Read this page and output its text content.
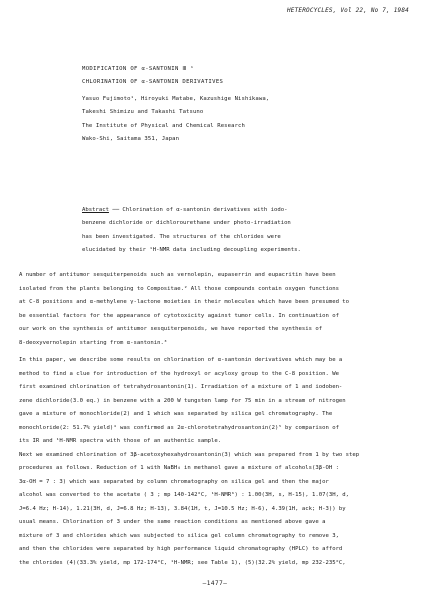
HETEROCYCLES, Vol 22, No 7, 1984
MODIFICATION OF α-SANTONIN Ⅲ ¹
CHLORINATION OF α-SANTONIN DERIVATIVES
Yasuo Fujimoto¹, Hiroyuki Matabe, Kazushige Nishikawa,
Takeshi Shimizu and Takashi Tatsuno
The Institute of Physical and Chemical Research
Wako-Shi, Saitama 351, Japan
Abstract ── Chlorination of α-santonin derivatives with iodo-
benzene dichloride or dichlorourethane under photo-irradiation
has been investigated. The structures of the chlorides were
elucidated by their ¹H-NMR data including decoupling experiments.
A number of antitumor sesquiterpenoids such as vernolepin, eupaserrin and eupacritin have been
isolated from the plants belonging to Compositae.² All those compounds contain oxygen functions
at C-8 positions and α-methylene γ-lactone moieties in their molecules which have been presumed to
be essential factors for the appearance of cytotoxicity against tumor cells. In continuation of
our work on the synthesis of antitumor sesquiterpenoids, we have reported the synthesis of
8-deoxyvernolepin starting from α-santonin.³
In this paper, we describe some results on chlorination of α-santonin derivatives which may be a
method to find a clue for introduction of the hydroxyl or acyloxy group to the C-8 position. We
first examined chlorination of tetrahydrosantonin(1). Irradiation of a mixture of 1 and iodoben-
zene dichloride(3.0 eq.) in benzene with a 200 W tungsten lamp for 75 min in a stream of nitrogen
gave a mixture of monochloride(2) and 1 which was separated by silica gel chromatography. The
monochloride(2: 51.7% yield)⁴ was confirmed as 2α-chlorotetrahydrosantonin(2)⁵ by comparison of
its IR and ¹H-NMR spectra with those of an authentic sample.
Next we examined chlorination of 3β-acetoxyhexahydrosantonin(3) which was prepared from 1 by two step
procedures as follows. Reduction of 1 with NaBH₄ in methanol gave a mixture of alcohols(3β-OH :
3α-OH = 7 : 3) which was separated by column chromatography on silica gel and then the major
alcohol was converted to the acetate ( 3 ; mp 140-142°C, ¹H-NMR⁶) : 1.00(3H, s, H-15), 1.07(3H, d,
J=6.4 Hz; H-14), 1.21(3H, d, J=6.8 Hz; H-13), 3.84(1H, t, J=10.5 Hz; H-6), 4.39(1H, ack; H-3)) by
usual means. Chlorination of 3 under the same reaction conditions as mentioned above gave a
mixture of 3 and chlorides which was subjected to silica gel column chromatography to remove 3,
and then the chlorides were separated by high performance liquid chromatography (HPLC) to afford
the chlorides (4)(33.3% yield, mp 172-174°C, ¹H-NMR; see Table 1), (5)(32.2% yield, mp 232-235°C,
—1477—
